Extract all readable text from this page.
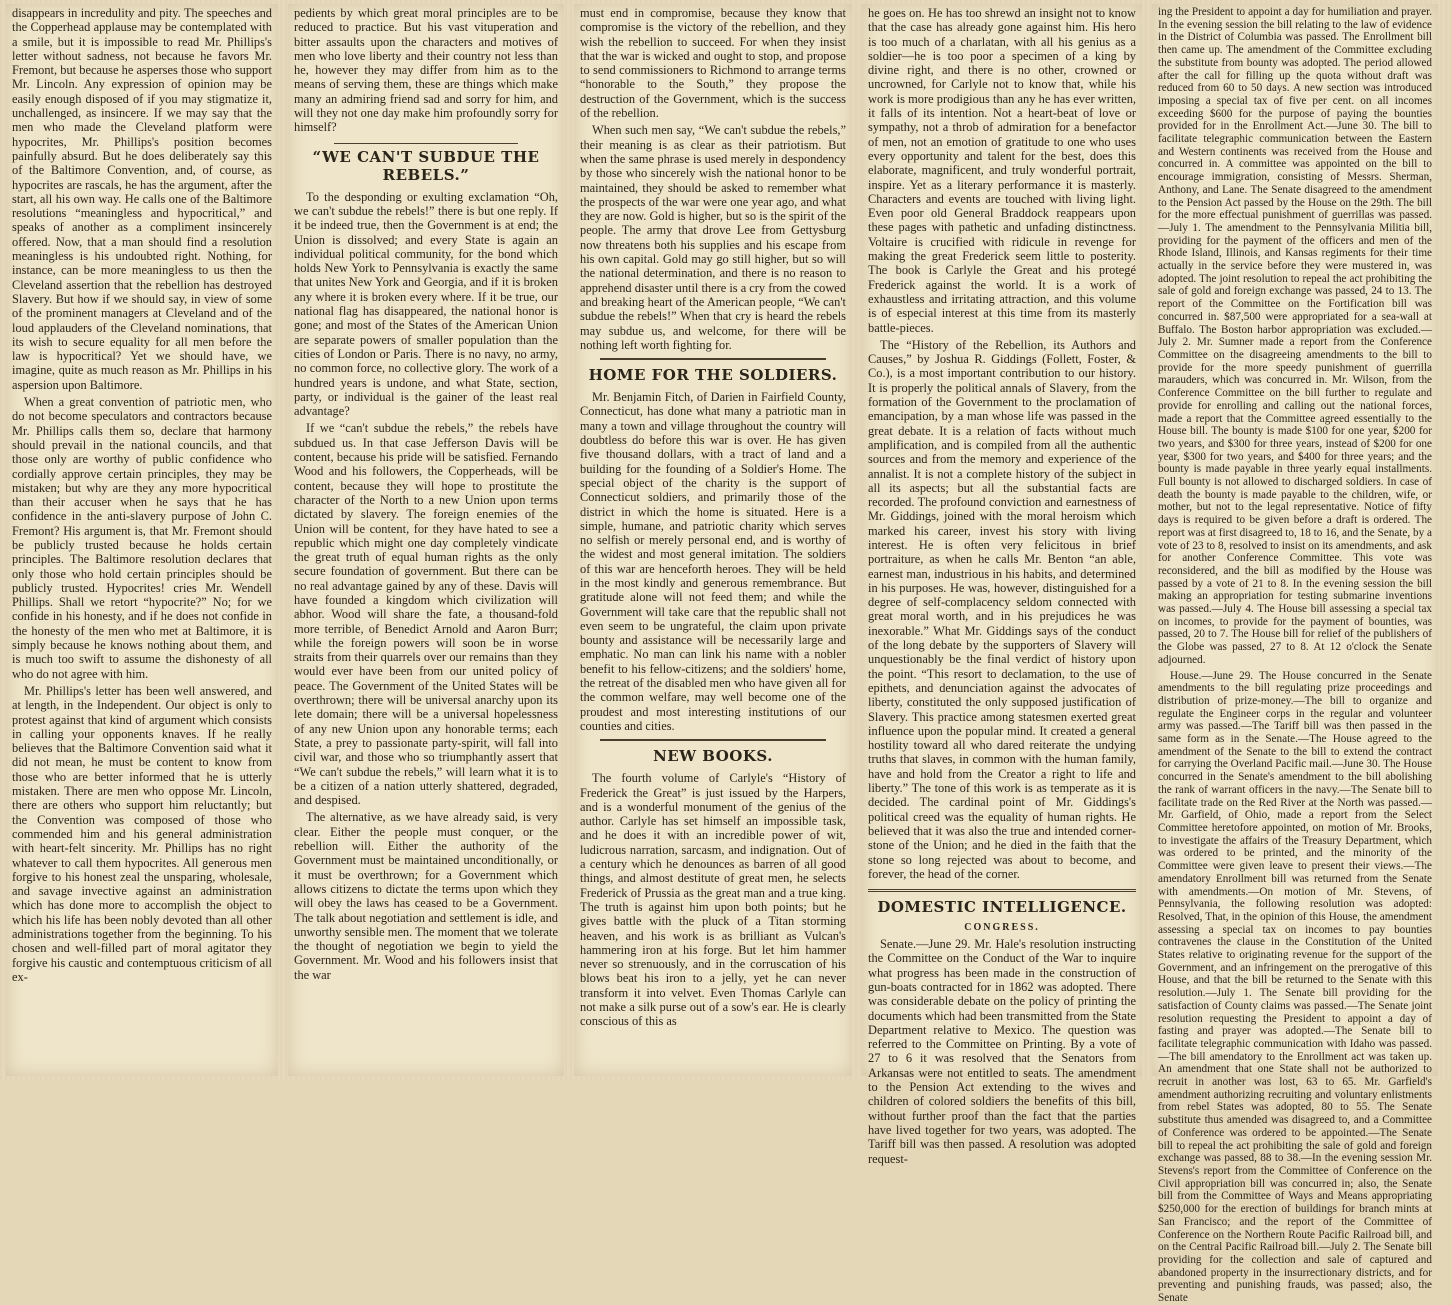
disappears in incredulity and pity. The speeches and the Copperhead applause may be contemplated with a smile, but it is impossible to read Mr. Phillips's letter without sadness, not because he favors Mr. Fremont, but because he asperses those who support Mr. Lincoln. Any expression of opinion may be easily enough disposed of if you may stigmatize it, unchallenged, as insincere. If we may say that the men who made the Cleveland platform were hypocrites, Mr. Phillips's position becomes painfully absurd. But he does deliberately say this of the Baltimore Convention, and, of course, as hypocrites are rascals, he has the argument, after the start, all his own way. He calls one of the Baltimore resolutions “meaningless and hypocritical,” and speaks of another as a compliment insincerely offered. Now, that a man should find a resolution meaningless is his undoubted right. Nothing, for instance, can be more meaningless to us then the Cleveland assertion that the rebellion has destroyed Slavery. But how if we should say, in view of some of the prominent managers at Cleveland and of the loud applauders of the Cleveland nominations, that its wish to secure equality for all men before the law is hypocritical? Yet we should have, we imagine, quite as much reason as Mr. Phillips in his aspersion upon Baltimore.

When a great convention of patriotic men, who do not become speculators and contractors because Mr. Phillips calls them so, declare that harmony should prevail in the national councils, and that those only are worthy of public confidence who cordially approve certain principles, they may be mistaken; but why are they any more hypocritical than their accuser when he says that he has confidence in the anti-slavery purpose of John C. Fremont? His argument is, that Mr. Fremont should be publicly trusted because he holds certain principles. The Baltimore resolution declares that only those who hold certain principles should be publicly trusted. Hypocrites! cries Mr. Wendell Phillips. Shall we retort “hypocrite?” No; for we confide in his honesty, and if he does not confide in the honesty of the men who met at Baltimore, it is simply because he knows nothing about them, and is much too swift to assume the dishonesty of all who do not agree with him.

Mr. Phillips's letter has been well answered, and at length, in the Independent. Our object is only to protest against that kind of argument which consists in calling your opponents knaves. If he really believes that the Baltimore Convention said what it did not mean, he must be content to know from those who are better informed that he is utterly mistaken. There are men who oppose Mr. Lincoln, there are others who support him reluctantly; but the Convention was composed of those who commended him and his general administration with heart-felt sincerity. Mr. Phillips has no right whatever to call them hypocrites. All generous men forgive to his honest zeal the unsparing, wholesale, and savage invective against an administration which has done more to accomplish the object to which his life has been nobly devoted than all other administrations together from the beginning. To his chosen and well-filled part of moral agitator they forgive his caustic and contemptuous criticism of all ex-

pedients by which great moral principles are to be reduced to practice. But his vast vituperation and bitter assaults upon the characters and motives of men who love liberty and their country not less than he, however they may differ from him as to the means of serving them, these are things which make many an admiring friend sad and sorry for him, and will they not one day make him profoundly sorry for himself?

“WE CAN'T SUBDUE THE REBELS.”

To the desponding or exulting exclamation “Oh, we can't subdue the rebels!” there is but one reply. If it be indeed true, then the Government is at end; the Union is dissolved; and every State is again an individual political community, for the bond which holds New York to Pennsylvania is exactly the same that unites New York and Georgia, and if it is broken any where it is broken every where. If it be true, our national flag has disappeared, the national honor is gone; and most of the States of the American Union are separate powers of smaller population than the cities of London or Paris. There is no navy, no army, no common force, no collective glory. The work of a hundred years is undone, and what State, section, party, or individual is the gainer of the least real advantage?

If we “can't subdue the rebels,” the rebels have subdued us. In that case Jefferson Davis will be content, because his pride will be satisfied. Fernando Wood and his followers, the Copperheads, will be content, because they will hope to prostitute the character of the North to a new Union upon terms dictated by slavery. The foreign enemies of the Union will be content, for they have hated to see a republic which might one day completely vindicate the great truth of equal human rights as the only secure foundation of government. But there can be no real advantage gained by any of these. Davis will have founded a kingdom which civilization will abhor. Wood will share the fate, a thousand-fold more terrible, of Benedict Arnold and Aaron Burr; while the foreign powers will soon be in worse straits from their quarrels over our remains than they would ever have been from our united policy of peace. The Government of the United States will be overthrown; there will be universal anarchy upon its lete domain; there will be a universal hopelessness of any new Union upon any honorable terms; each State, a prey to passionate party-spirit, will fall into civil war, and those who so triumphantly assert that “We can't subdue the rebels,” will learn what it is to be a citizen of a nation utterly shattered, degraded, and despised.

The alternative, as we have already said, is very clear. Either the people must conquer, or the rebellion will. Either the authority of the Government must be maintained unconditionally, or it must be overthrown; for a Government which allows citizens to dictate the terms upon which they will obey the laws has ceased to be a Government. The talk about negotiation and settlement is idle, and unworthy sensible men. The moment that we tolerate the thought of negotiation we begin to yield the Government. Mr. Wood and his followers insist that the war

must end in compromise, because they know that compromise is the victory of the rebellion, and they wish the rebellion to succeed. For when they insist that the war is wicked and ought to stop, and propose to send commissioners to Richmond to arrange terms “honorable to the South,” they propose the destruction of the Government, which is the success of the rebellion.

When such men say, “We can't subdue the rebels,” their meaning is as clear as their patriotism. But when the same phrase is used merely in despondency by those who sincerely wish the national honor to be maintained, they should be asked to remember what the prospects of the war were one year ago, and what they are now. Gold is higher, but so is the spirit of the people. The army that drove Lee from Gettysburg now threatens both his supplies and his escape from his own capital. Gold may go still higher, but so will the national determination, and there is no reason to apprehend disaster until there is a cry from the cowed and breaking heart of the American people, “We can't subdue the rebels!” When that cry is heard the rebels may subdue us, and welcome, for there will be nothing left worth fighting for.

HOME FOR THE SOLDIERS.

Mr. Benjamin Fitch, of Darien in Fairfield County, Connecticut, has done what many a patriotic man in many a town and village throughout the country will doubtless do before this war is over. He has given five thousand dollars, with a tract of land and a building for the founding of a Soldier's Home. The special object of the charity is the support of Connecticut soldiers, and primarily those of the district in which the home is situated. Here is a simple, humane, and patriotic charity which serves no selfish or merely personal end, and is worthy of the widest and most general imitation. The soldiers of this war are henceforth heroes. They will be held in the most kindly and generous remembrance. But gratitude alone will not feed them; and while the Government will take care that the republic shall not even seem to be ungrateful, the claim upon private bounty and assistance will be necessarily large and emphatic. No man can link his name with a nobler benefit to his fellow-citizens; and the soldiers' home, the retreat of the disabled men who have given all for the common welfare, may well become one of the proudest and most interesting institutions of our counties and cities.

NEW BOOKS.

The fourth volume of Carlyle's “History of Frederick the Great” is just issued by the Harpers, and is a wonderful monument of the genius of the author. Carlyle has set himself an impossible task, and he does it with an incredible power of wit, ludicrous narration, sarcasm, and indignation. Out of a century which he denounces as barren of all good things, and almost destitute of great men, he selects Frederick of Prussia as the great man and a true king. The truth is against him upon both points; but he gives battle with the pluck of a Titan storming heaven, and his work is as brilliant as Vulcan's hammering iron at his forge. But let him hammer never so strenuously, and in the corruscation of his blows beat his iron to a jelly, yet he can never transform it into velvet. Even Thomas Carlyle can not make a silk purse out of a sow's ear. He is clearly conscious of this as

he goes on. He has too shrewd an insight not to know that the case has already gone against him. His hero is too much of a charlatan, with all his genius as a soldier—he is too poor a specimen of a king by divine right, and there is no other, crowned or uncrowned, for Carlyle not to know that, while his work is more prodigious than any he has ever written, it falls of its intention. Not a heart-beat of love or sympathy, not a throb of admiration for a benefactor of men, not an emotion of gratitude to one who uses every opportunity and talent for the best, does this elaborate, magnificent, and truly wonderful portrait, inspire. Yet as a literary performance it is masterly. Characters and events are touched with living light. Even poor old General Braddock reappears upon these pages with pathetic and unfading distinctness. Voltaire is crucified with ridicule in revenge for making the great Frederick seem little to posterity. The book is Carlyle the Great and his protegé Frederick against the world. It is a work of exhaustless and irritating attraction, and this volume is of especial interest at this time from its masterly battle-pieces.

The “History of the Rebellion, its Authors and Causes,” by Joshua R. Giddings (Follett, Foster, & Co.), is a most important contribution to our history. It is properly the political annals of Slavery, from the formation of the Government to the proclamation of emancipation, by a man whose life was passed in the great debate. It is a relation of facts without much amplification, and is compiled from all the authentic sources and from the memory and experience of the annalist. It is not a complete history of the subject in all its aspects; but all the substantial facts are recorded. The profound conviction and earnestness of Mr. Giddings, joined with the moral heroism which marked his career, invest his story with living interest. He is often very felicitous in brief portraiture, as when he calls Mr. Benton “an able, earnest man, industrious in his habits, and determined in his purposes. He was, however, distinguished for a degree of self-complacency seldom connected with great moral worth, and in his prejudices he was inexorable.” What Mr. Giddings says of the conduct of the long debate by the supporters of Slavery will unquestionably be the final verdict of history upon the point. “This resort to declamation, to the use of epithets, and denunciation against the advocates of liberty, constituted the only supposed justification of Slavery. This practice among statesmen exerted great influence upon the popular mind. It created a general hostility toward all who dared reiterate the undying truths that slaves, in common with the human family, have and hold from the Creator a right to life and liberty.” The tone of this work is as temperate as it is decided. The cardinal point of Mr. Giddings's political creed was the equality of human rights. He believed that it was also the true and intended corner-stone of the Union; and he died in the faith that the stone so long rejected was about to become, and forever, the head of the corner.

DOMESTIC INTELLIGENCE.
CONGRESS.

Senate.—June 29. Mr. Hale's resolution instructing the Committee on the Conduct of the War to inquire what progress has been made in the construction of gun-boats contracted for in 1862 was adopted. There was considerable debate on the policy of printing the documents which had been transmitted from the State Department relative to Mexico. The question was referred to the Committee on Printing. By a vote of 27 to 6 it was resolved that the Senators from Arkansas were not entitled to seats. The amendment to the Pension Act extending to the wives and children of colored soldiers the benefits of this bill, without further proof than the fact that the parties have lived together for two years, was adopted. The Tariff bill was then passed. A resolution was adopted request-

ing the President to appoint a day for humiliation and prayer. In the evening session the bill relating to the law of evidence in the District of Columbia was passed. The Enrollment bill then came up. The amendment of the Committee excluding the substitute from bounty was adopted. The period allowed after the call for filling up the quota without draft was reduced from 60 to 50 days. A new section was introduced imposing a special tax of five per cent. on all incomes exceeding $600 for the purpose of paying the bounties provided for in the Enrollment Act.—June 30. The bill to facilitate telegraphic communication between the Eastern and Western continents was received from the House and concurred in. A committee was appointed on the bill to encourage immigration, consisting of Messrs. Sherman, Anthony, and Lane. The Senate disagreed to the amendment to the Pension Act passed by the House on the 29th. The bill for the more effectual punishment of guerrillas was passed.—July 1. The amendment to the Pennsylvania Militia bill, providing for the payment of the officers and men of the Rhode Island, Illinois, and Kansas regiments for their time actually in the service before they were mustered in, was adopted. The joint resolution to repeal the act prohibiting the sale of gold and foreign exchange was passed, 24 to 13. The report of the Committee on the Fortification bill was concurred in. $87,500 were appropriated for a sea-wall at Buffalo. The Boston harbor appropriation was excluded.—July 2. Mr. Sumner made a report from the Conference Committee on the disagreeing amendments to the bill to provide for the more speedy punishment of guerrilla marauders, which was concurred in. Mr. Wilson, from the Conference Committee on the bill further to regulate and provide for enrolling and calling out the national forces, made a report that the Committee agreed essentially to the House bill. The bounty is made $100 for one year, $200 for two years, and $300 for three years, instead of $200 for one year, $300 for two years, and $400 for three years; and the bounty is made payable in three yearly equal installments. Full bounty is not allowed to discharged soldiers. In case of death the bounty is made payable to the children, wife, or mother, but not to the legal representative. Notice of fifty days is required to be given before a draft is ordered. The report was at first disagreed to, 18 to 16, and the Senate, by a vote of 23 to 8, resolved to insist on its amendments, and ask for another Conference Committee. This vote was reconsidered, and the bill as modified by the House was passed by a vote of 21 to 8. In the evening session the bill making an appropriation for testing submarine inventions was passed.—July 4. The House bill assessing a special tax on incomes, to provide for the payment of bounties, was passed, 20 to 7. The House bill for relief of the publishers of the Globe was passed, 27 to 8. At 12 o'clock the Senate adjourned.

House.—June 29. The House concurred in the Senate amendments to the bill regulating prize proceedings and distribution of prize-money.—The bill to organize and regulate the Engineer corps in the regular and volunteer army was passed.—The Tariff bill was then passed in the same form as in the Senate.—The House agreed to the amendment of the Senate to the bill to extend the contract for carrying the Overland Pacific mail.—June 30. The House concurred in the Senate's amendment to the bill abolishing the rank of warrant officers in the navy.—The Senate bill to facilitate trade on the Red River at the North was passed.—Mr. Garfield, of Ohio, made a report from the Select Committee heretofore appointed, on motion of Mr. Brooks, to investigate the affairs of the Treasury Department, which was ordered to be printed, and the minority of the Committee were given leave to present their views.—The amendatory Enrollment bill was returned from the Senate with amendments.—On motion of Mr. Stevens, of Pennsylvania, the following resolution was adopted: Resolved, That, in the opinion of this House, the amendment assessing a special tax on incomes to pay bounties contravenes the clause in the Constitution of the United States relative to originating revenue for the support of the Government, and an infringement on the prerogative of this House, and that the bill be returned to the Senate with this resolution.—July 1. The Senate bill providing for the satisfaction of County claims was passed.—The Senate joint resolution requesting the President to appoint a day of fasting and prayer was adopted.—The Senate bill to facilitate telegraphic communication with Idaho was passed.—The bill amendatory to the Enrollment act was taken up. An amendment that one State shall not be authorized to recruit in another was lost, 63 to 65. Mr. Garfield's amendment authorizing recruiting and voluntary enlistments from rebel States was adopted, 80 to 55. The Senate substitute thus amended was disagreed to, and a Committee of Conference was ordered to be appointed.—The Senate bill to repeal the act prohibiting the sale of gold and foreign exchange was passed, 88 to 38.—In the evening session Mr. Stevens's report from the Committee of Conference on the Civil appropriation bill was concurred in; also, the Senate bill from the Committee of Ways and Means appropriating $250,000 for the erection of buildings for branch mints at San Francisco; and the report of the Committee of Conference on the Northern Route Pacific Railroad bill, and on the Central Pacific Railroad bill.—July 2. The Senate bill providing for the collection and sale of captured and abandoned property in the insurrectionary districts, and for preventing and punishing frauds, was passed; also, the Senate
